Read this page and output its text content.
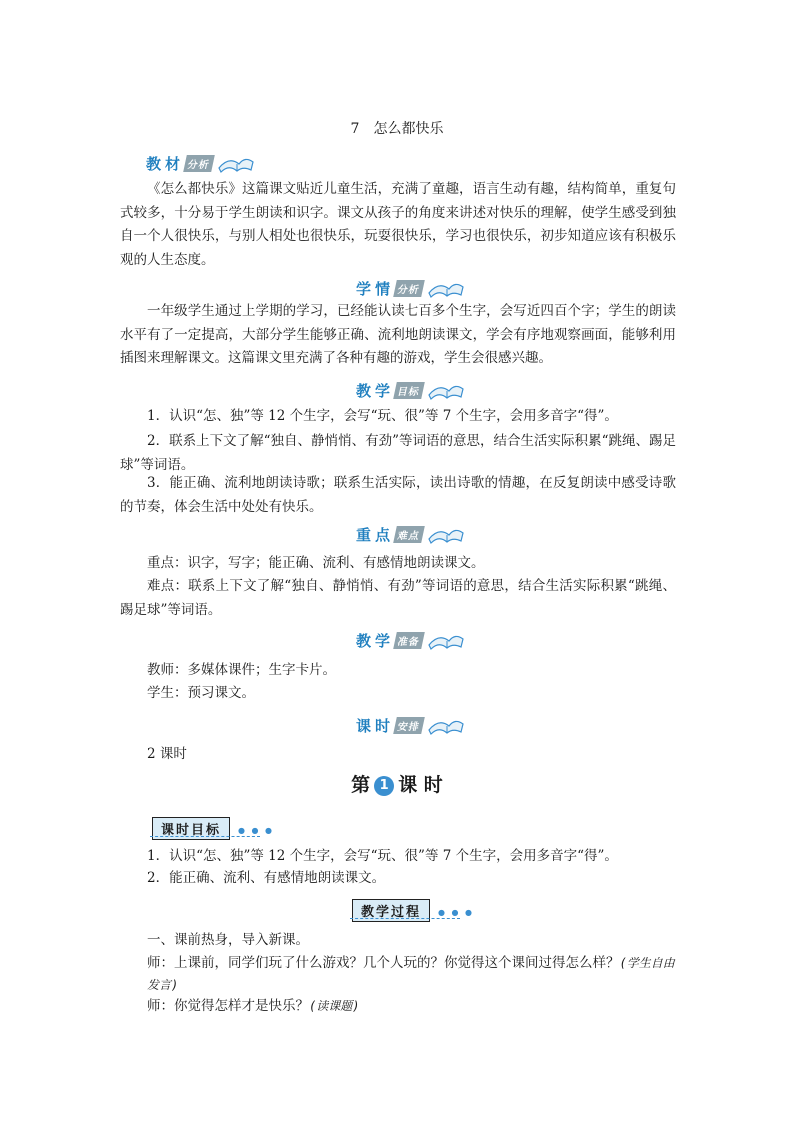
7　怎么都快乐
教材 分析

《怎么都快乐》这篇课文贴近儿童生活，充满了童趣，语言生动有趣，结构简单，重复句式较多，十分易于学生朗读和识字。课文从孩子的角度来讲述对快乐的理解，使学生感受到独自一个人很快乐，与别人相处也很快乐，玩耍很快乐，学习也很快乐，初步知道应该有积极乐观的人生态度。

学情 分析

一年级学生通过上学期的学习，已经能认读七百多个生字，会写近四百个字；学生的朗读水平有了一定提高，大部分学生能够正确、流利地朗读课文，学会有序地观察画面，能够利用插图来理解课文。这篇课文里充满了各种有趣的游戏，学生会很感兴趣。

教学 目标

1．认识“怎、独”等 12 个生字，会写“玩、很”等 7 个生字，会用多音字“得”。

2．联系上下文了解“独自、静悄悄、有劲”等词语的意思，结合生活实际积累“跳绳、踢足球”等词语。

3．能正确、流利地朗读诗歌；联系生活实际，读出诗歌的情趣，在反复朗读中感受诗歌的节奏，体会生活中处处有快乐。

重点 难点

重点：识字，写字；能正确、流利、有感情地朗读课文。

难点：联系上下文了解“独自、静悄悄、有劲”等词语的意思，结合生活实际积累“跳绳、踢足球”等词语。

教学 准备
教师：多媒体课件；生字卡片。
学生：预习课文。
课时 安排
2 课时
第 1 课 时
课时目标	● ● ●
1．认识“怎、独”等 12 个生字，会写“玩、很”等 7 个生字，会用多音字“得”。
2．能正确、流利、有感情地朗读课文。
教学过程	● ● ●
一、课前热身，导入新课。
师：上课前，同学们玩了什么游戏？几个人玩的？你觉得这个课间过得怎么样？(学生自由发言)
师：你觉得怎样才是快乐？(读课题)
